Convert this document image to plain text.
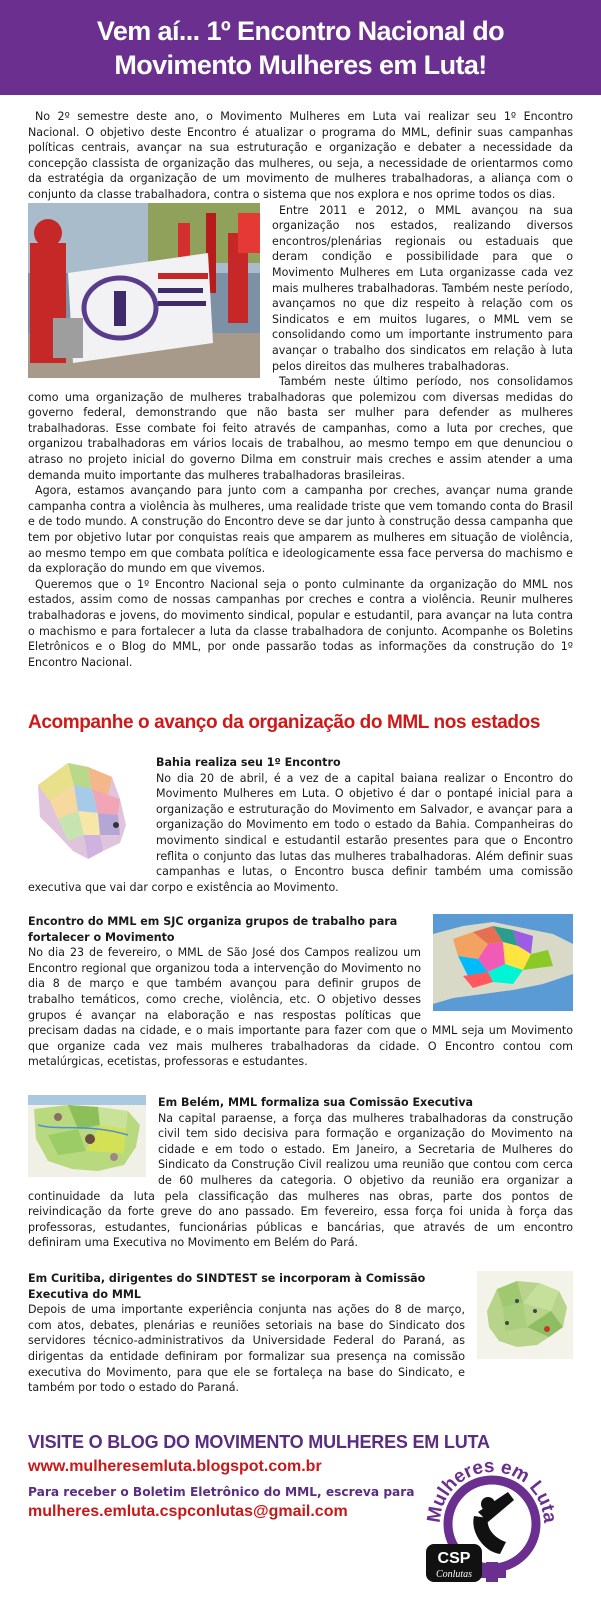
Vem aí... 1º Encontro Nacional do
Movimento Mulheres em Luta!

No 2º semestre deste ano, o Movimento Mulheres em Luta vai realizar seu 1º Encontro Nacional. O objetivo deste Encontro é atualizar o programa do MML, definir suas campanhas políticas centrais, avançar na sua estruturação e organização e debater a necessidade da concepção classista de organização das mulheres, ou seja, a necessidade de orientarmos como da estratégia da organização de um movimento de mulheres trabalhadoras, a aliança com o conjunto da classe trabalhadora, contra o sistema que nos explora e nos oprime todos os dias.

Entre 2011 e 2012, o MML avançou na sua organização nos estados, realizando diversos encontros/plenárias regionais ou estaduais que deram condição e possibilidade para que o Movimento Mulheres em Luta organizasse cada vez mais mulheres trabalhadoras. Também neste período, avançamos no que diz respeito à relação com os Sindicatos e em muitos lugares, o MML vem se consolidando como um importante instrumento para avançar o trabalho dos sindicatos em relação à luta pelos direitos das mulheres trabalhadoras.

Também neste último período, nos consolidamos como uma organização de mulheres trabalhadoras que polemizou com diversas medidas do governo federal, demonstrando que não basta ser mulher para defender as mulheres trabalhadoras. Esse combate foi feito através de campanhas, como a luta por creches, que organizou trabalhadoras em vários locais de trabalhou, ao mesmo tempo em que denunciou o atraso no projeto inicial do governo Dilma em construir mais creches e assim atender a uma demanda muito importante das mulheres trabalhadoras brasileiras.

Agora, estamos avançando para junto com a campanha por creches, avançar numa grande campanha contra a violência às mulheres, uma realidade triste que vem tomando conta do Brasil e de todo mundo. A construção do Encontro deve se dar junto à construção dessa campanha que tem por objetivo lutar por conquistas reais que amparem as mulheres em situação de violência, ao mesmo tempo em que combata política e ideologicamente essa face perversa do machismo e da exploração do mundo em que vivemos.

Queremos que o 1º Encontro Nacional seja o ponto culminante da organização do MML nos estados, assim como de nossas campanhas por creches e contra a violência. Reunir mulheres trabalhadoras e jovens, do movimento sindical, popular e estudantil, para avançar na luta contra o machismo e para fortalecer a luta da classe trabalhadora de conjunto. Acompanhe os Boletins Eletrônicos e o Blog do MML, por onde passarão todas as informações da construção do 1º Encontro Nacional.

Acompanhe o avanço da organização do MML nos estados
Bahia realiza seu 1º Encontro

No dia 20 de abril, é a vez de a capital baiana realizar o Encontro do Movimento Mulheres em Luta. O objetivo é dar o pontapé inicial para a organização e estruturação do Movimento em Salvador, e avançar para a organização do Movimento em todo o estado da Bahia. Companheiras do movimento sindical e estudantil estarão presentes para que o Encontro reflita o conjunto das lutas das mulheres trabalhadoras. Além definir suas campanhas e lutas, o Encontro busca definir também uma comissão executiva que vai dar corpo e existência ao Movimento.

Encontro do MML em SJC organiza grupos de trabalho para fortalecer o Movimento

No dia 23 de fevereiro, o MML de São José dos Campos realizou um Encontro regional que organizou toda a intervenção do Movimento no dia 8 de março e que também avançou para definir grupos de trabalho temáticos, como creche, violência, etc. O objetivo desses grupos é avançar na elaboração e nas respostas políticas que precisam dadas na cidade, e o mais importante para fazer com que o MML seja um Movimento que organize cada vez mais mulheres trabalhadoras da cidade. O Encontro contou com metalúrgicas, ecetistas, professoras e estudantes.

Em Belém, MML formaliza sua Comissão Executiva

Na capital paraense, a força das mulheres trabalhadoras da construção civil tem sido decisiva para formação e organização do Movimento na cidade e em todo o estado. Em Janeiro, a Secretaria de Mulheres do Sindicato da Construção Civil realizou uma reunião que contou com cerca de 60 mulheres da categoria. O objetivo da reunião era organizar a continuidade da luta pela classificação das mulheres nas obras, parte dos pontos de reivindicação da forte greve do ano passado. Em fevereiro, essa força foi unida à força das professoras, estudantes, funcionárias públicas e bancárias, que através de um encontro definiram uma Executiva no Movimento em Belém do Pará.

Em Curitiba, dirigentes do SINDTEST se incorporam à Comissão Executiva do MML

Depois de uma importante experiência conjunta nas ações do 8 de março, com atos, debates, plenárias e reuniões setoriais na base do Sindicato dos servidores técnico-administrativos da Universidade Federal do Paraná, as dirigentas da entidade definiram por formalizar sua presença na comissão executiva do Movimento, para que ele se fortaleça na base do Sindicato, e também por todo o estado do Paraná.

VISITE O BLOG DO MOVIMENTO MULHERES EM LUTA
www.mulheresemluta.blogspot.com.br
Para receber o Boletim Eletrônico do MML, escreva para
mulheres.emluta.cspconlutas@gmail.com	Mulheres em Luta
CSP
Conlutas
